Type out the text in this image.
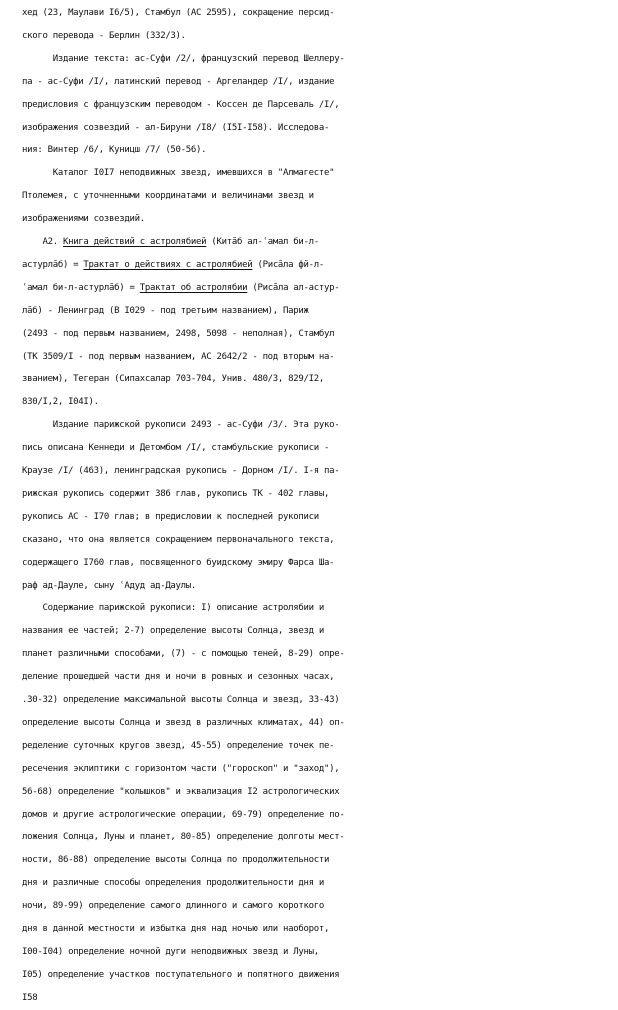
хед (23, Маулави I6/5), Стамбул (АС 2595), сокращение персид-
ского перевода - Берлин (332/3).
Издание текста: ас-Суфи /2/, французский перевод Шеллеру-
па - ас-Суфи /I/, латинский перевод - Аргеландер /I/, издание
предисловия с французским переводом - Коссен де Парсеваль /I/,
изображения созвездий - ал-Бируни /I8/ (I5I-I58). Исследова-
ния: Винтер /6/, Куницш /7/ (50-56).
Каталог I0I7 неподвижных звезд, имевшихся в "Алмагесте"
Птолемея, с уточненными координатами и величинами звезд и
изображениями созвездий.
А2. Книга действий с астролябией (Китāб ал-ʿамал би-л-
астурлāб) = Трактат о действиях с астролябией (Рисāла фй-л-
ʿамал би-л-астурлāб) = Трактат об астролябии (Рисāла ал-астур-
лāб) - Ленинград (В I029 - под третьим названием), Париж
(2493 - под первым названием, 2498, 5098 - неполная), Стамбул
(ТК 3509/I - под первым названием, АС 2642/2 - под вторым на-
званием), Тегеран (Сипахсалар 703-704, Унив. 480/3, 829/I2,
830/I,2, I04I).
Издание парижской рукописи 2493 - ас-Суфи /3/. Эта руко-
пись описана Кеннеди и Детомбом /I/, стамбульские рукописи -
Краузе /I/ (463), ленинградская рукопись - Дорном /I/. I-я па-
рижская рукопись содержит 386 глав, рукопись ТК - 402 главы,
рукопись АС - I70 глав; в предисловии к последней рукописи
сказано, что она является сокращением первоначального текста,
содержащего I760 глав, посвященного буидскому эмиру Фарса Ша-
раф ад-Дауле, сыну ʿАдуд ад-Даулы.
Содержание парижской рукописи: I) описание астролябии и
названия ее частей; 2-7) определение высоты Солнца, звезд и
планет различными способами, (7) - с помощью теней, 8-29) опре-
деление прошедшей части дня и ночи в ровных и сезонных часах,
.30-32) определение максимальной высоты Солнца и звезд, 33-43)
определение высоты Солнца и звезд в различных климатах, 44) оп-
ределение суточных кругов звезд, 45-55) определение точек пе-
ресечения эклиптики с горизонтом части ("гороскоп" и "заход"),
56-68) определение "колышков" и эквализация I2 астрологических
домов и другие астрологические операции, 69-79) определение по-
ложения Солнца, Луны и планет, 80-85) определение долготы мест-
ности, 86-88) определение высоты Солнца по продолжительности
дня и различные способы определения продолжительности дня и
ночи, 89-99) определение самого длинного и самого короткого
дня в данной местности и избытка дня над ночью или наоборот,
I00-I04) определение ночной дуги неподвижных звезд и Луны,
I05) определение участков поступательного и попятного движения
I58
